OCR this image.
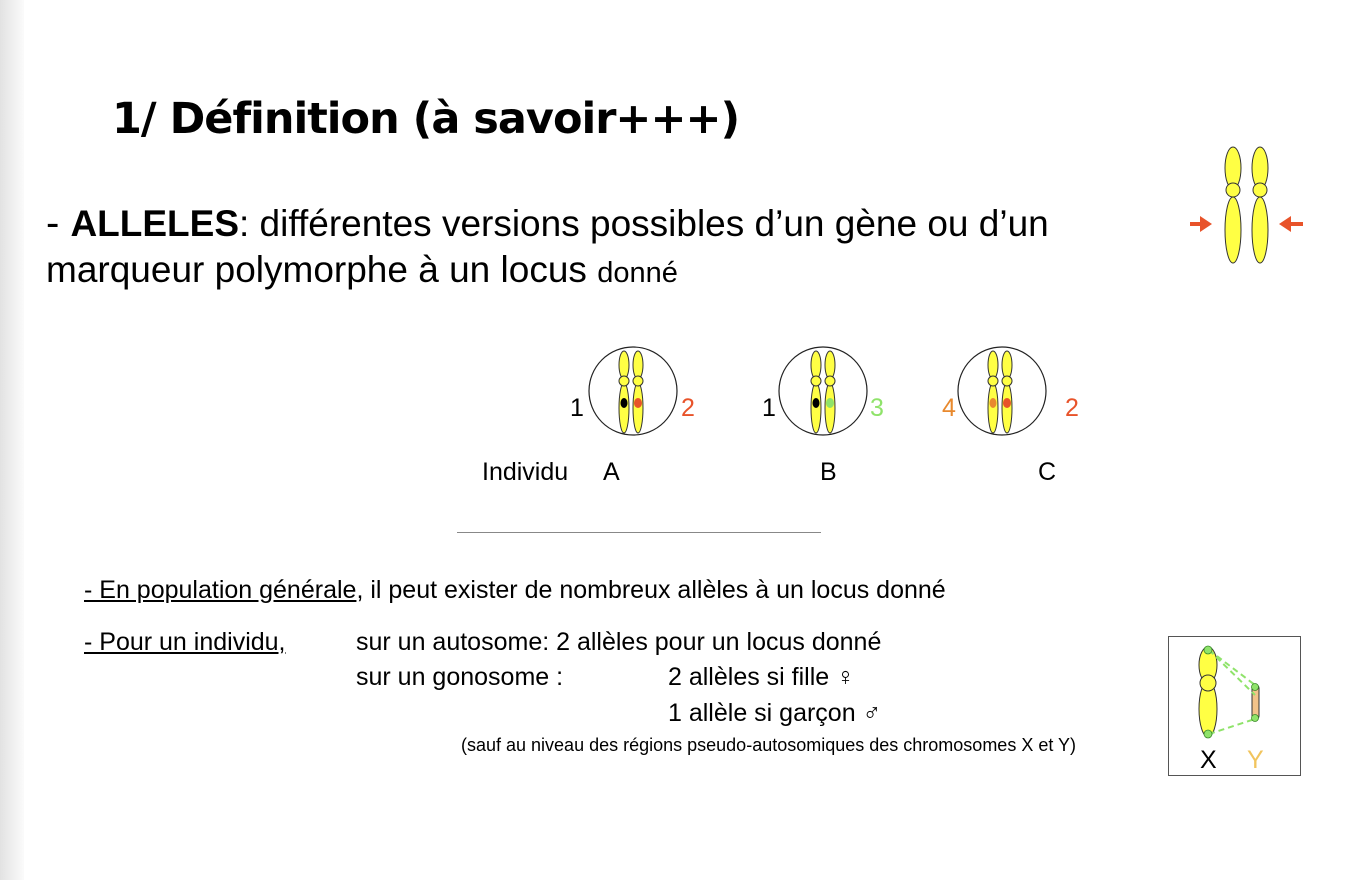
1/ Définition (à savoir+++)
- ALLELES: différentes versions possibles d’un gène ou d’un
marqueur polymorphe à un locus donné
1	2	1	3 4	2
Individu A	B	C
- En population générale, il peut exister de nombreux allèles à un locus donné
- Pour un individu,	sur un autosome: 2 allèles pour un locus donné
sur un gonosome :	2 allèles si fille ♀
1 allèle si garçon ♂
(sauf au niveau des régions pseudo-autosomiques des chromosomes X et Y)
X Y
